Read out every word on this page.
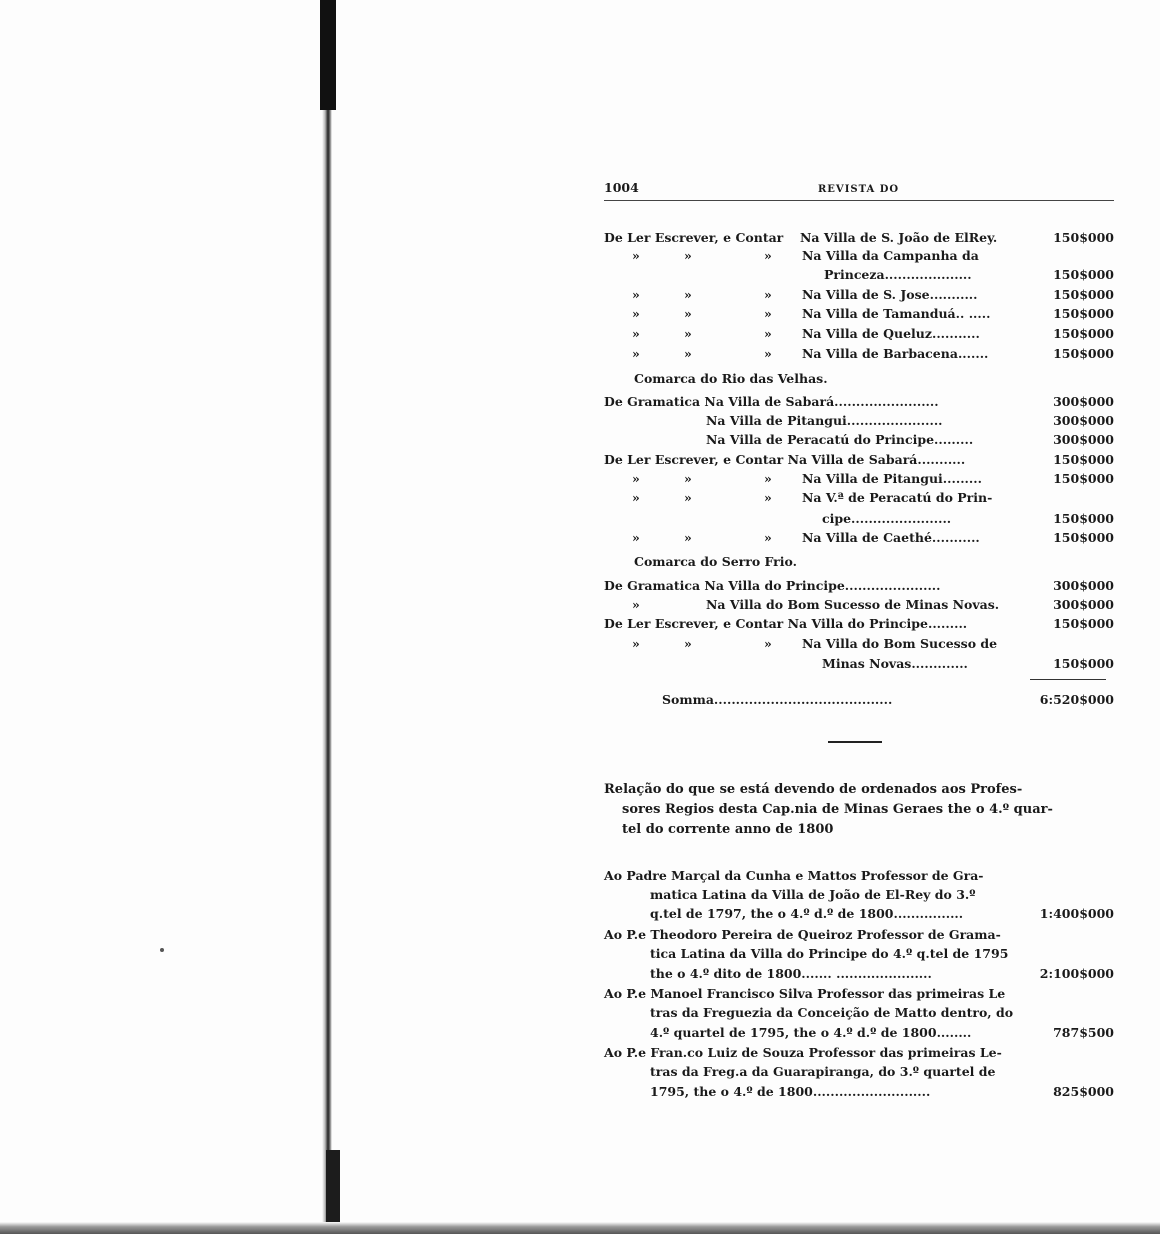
1004	REVISTA DO
De Ler Escrever, e Contar Na Villa de S. João de ElRey.	150$000
»	»	» Na Villa da Campanha da
Princeza....................	150$000
»	»	» Na Villa de S. Jose...........	150$000
»	»	» Na Villa de Tamanduá.. .....	150$000
»	»	» Na Villa de Queluz...........	150$000
»	»	» Na Villa de Barbacena.......	150$000
Comarca do Rio das Velhas.
De Gramatica Na Villa de Sabará........................	300$000
Na Villa de Pitangui......................	300$000
Na Villa de Peracatú do Principe.........	300$000
De Ler Escrever, e Contar Na Villa de Sabará...........	150$000
»	»	» Na Villa de Pitangui.........	150$000
»	»	» Na V.ª de Peracatú do Prin-
cipe.......................	150$000
»	»	» Na Villa de Caethé...........	150$000
Comarca do Serro Frio.
De Gramatica Na Villa do Principe......................	300$000
»	Na Villa do Bom Sucesso de Minas Novas.	300$000
De Ler Escrever, e Contar Na Villa do Principe.........	150$000
»	»	» Na Villa do Bom Sucesso de
Minas Novas.............	150$000
Somma.........................................	6:520$000
Relação do que se está devendo de ordenados aos Profes-
sores Regios desta Cap.nia de Minas Geraes the o 4.º quar-
tel do corrente anno de 1800
Ao Padre Marçal da Cunha e Mattos Professor de Gra-
matica Latina da Villa de João de El-Rey do 3.º
q.tel de 1797, the o 4.º d.º de 1800................	1:400$000
Ao P.e Theodoro Pereira de Queiroz Professor de Grama-
tica Latina da Villa do Principe do 4.º q.tel de 1795
the o 4.º dito de 1800....... ......................	2:100$000
Ao P.e Manoel Francisco Silva Professor das primeiras Le
tras da Freguezia da Conceição de Matto dentro, do
4.º quartel de 1795, the o 4.º d.º de 1800........	787$500
Ao P.e Fran.co Luiz de Souza Professor das primeiras Le-
tras da Freg.a da Guarapiranga, do 3.º quartel de
1795, the o 4.º de 1800...........................	825$000
